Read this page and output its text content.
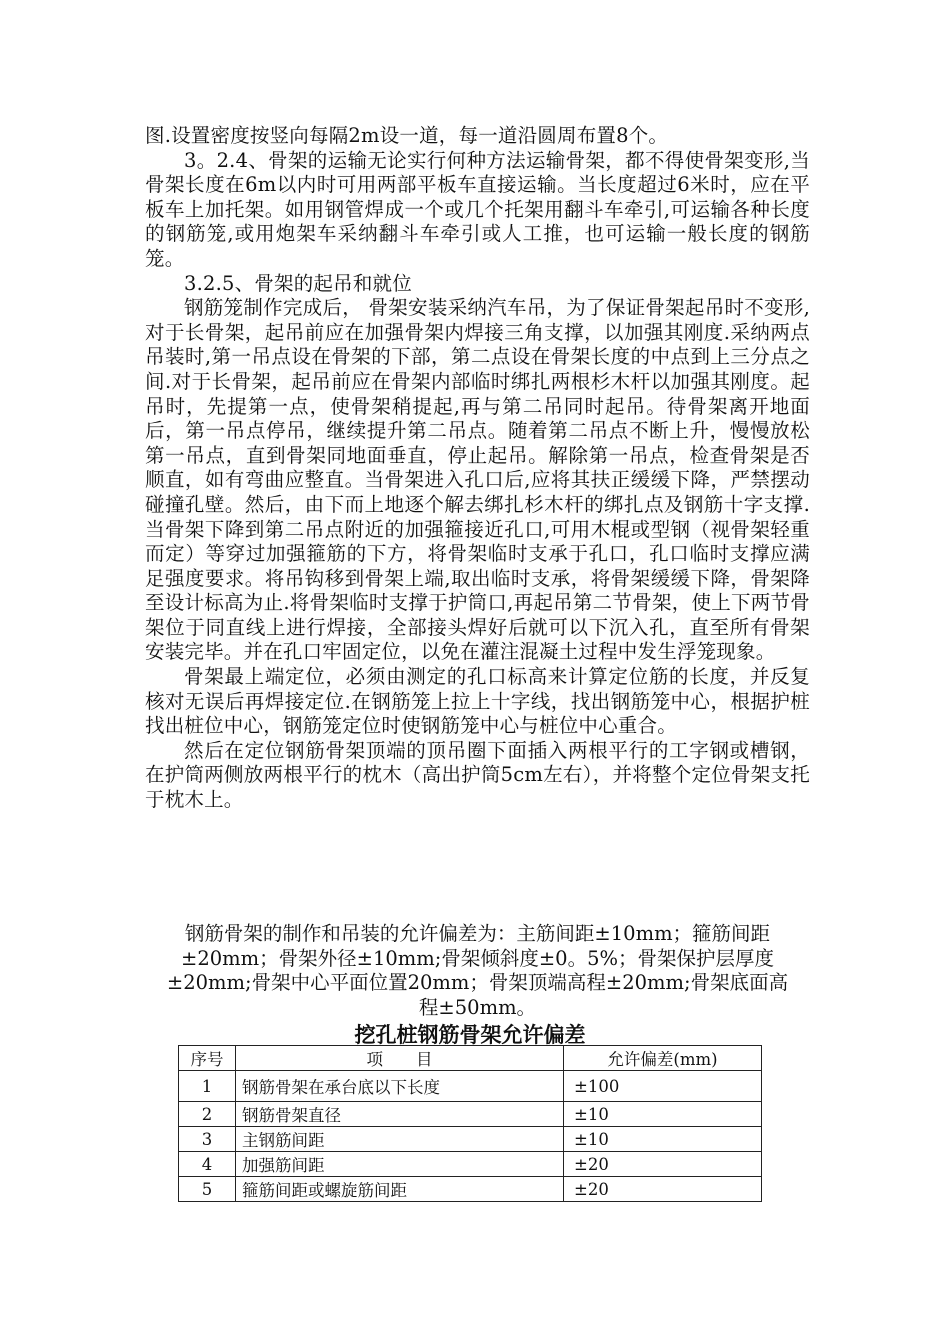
图.设置密度按竖向每隔2m设一道，每一道沿圆周布置8个。

3。2.4、骨架的运输无论实行何种方法运输骨架，都不得使骨架变形,当骨架长度在6m以内时可用两部平板车直接运输。当长度超过6米时，应在平板车上加托架。如用钢管焊成一个或几个托架用翻斗车牵引,可运输各种长度的钢筋笼,或用炮架车采纳翻斗车牵引或人工推，也可运输一般长度的钢筋笼。

3.2.5、骨架的起吊和就位

钢筋笼制作完成后， 骨架安装采纳汽车吊，为了保证骨架起吊时不变形,对于长骨架，起吊前应在加强骨架内焊接三角支撑，以加强其刚度.采纳两点吊装时,第一吊点设在骨架的下部，第二点设在骨架长度的中点到上三分点之间.对于长骨架，起吊前应在骨架内部临时绑扎两根杉木杆以加强其刚度。起吊时，先提第一点，使骨架稍提起,再与第二吊同时起吊。待骨架离开地面后，第一吊点停吊，继续提升第二吊点。随着第二吊点不断上升，慢慢放松第一吊点，直到骨架同地面垂直，停止起吊。解除第一吊点，检查骨架是否顺直，如有弯曲应整直。当骨架进入孔口后,应将其扶正缓缓下降，严禁摆动碰撞孔壁。然后，由下而上地逐个解去绑扎杉木杆的绑扎点及钢筋十字支撑.当骨架下降到第二吊点附近的加强箍接近孔口,可用木棍或型钢（视骨架轻重而定）等穿过加强箍筋的下方，将骨架临时支承于孔口，孔口临时支撑应满足强度要求。将吊钩移到骨架上端,取出临时支承，将骨架缓缓下降，骨架降至设计标高为止.将骨架临时支撑于护筒口,再起吊第二节骨架，使上下两节骨架位于同直线上进行焊接，全部接头焊好后就可以下沉入孔，直至所有骨架安装完毕。并在孔口牢固定位，以免在灌注混凝土过程中发生浮笼现象。

骨架最上端定位，必须由测定的孔口标高来计算定位筋的长度，并反复核对无误后再焊接定位.在钢筋笼上拉上十字线，找出钢筋笼中心，根据护桩找出桩位中心，钢筋笼定位时使钢筋笼中心与桩位中心重合。

然后在定位钢筋骨架顶端的顶吊圈下面插入两根平行的工字钢或槽钢，在护筒两侧放两根平行的枕木（高出护筒5cm左右），并将整个定位骨架支托于枕木上。

钢筋骨架的制作和吊装的允许偏差为：主筋间距±10mm；箍筋间距

±20mm；骨架外径±10mm;骨架倾斜度±0。5%；骨架保护层厚度

±20mm;骨架中心平面位置20mm；骨架顶端高程±20mm;骨架底面高

程±50mm。

挖孔桩钢筋骨架允许偏差
序号	项　　目	允许偏差(mm)
1	钢筋骨架在承台底以下长度	±100
2	钢筋骨架直径	±10
3	主钢筋间距	±10
4	加强筋间距	±20
5	箍筋间距或螺旋筋间距	±20
